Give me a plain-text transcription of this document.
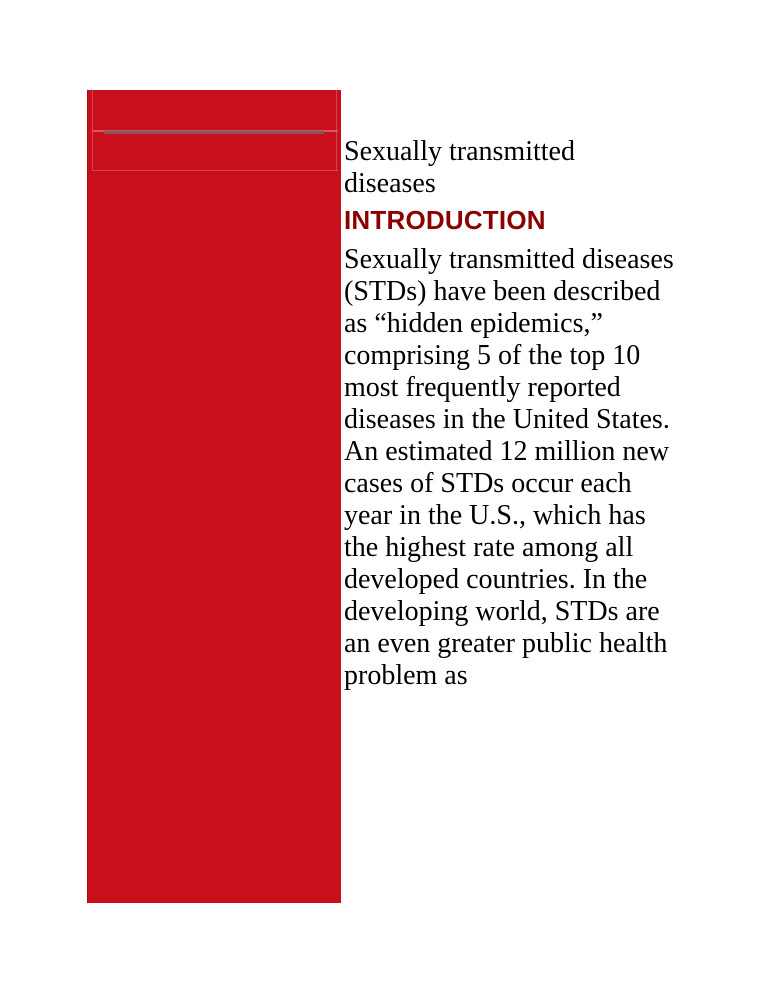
Sexually transmitted diseases

INTRODUCTION

Sexually transmitted diseases (STDs) have been described as “hidden epidemics,” comprising 5 of the top 10 most frequently reported diseases in the United States. An estimated 12 million new cases of STDs occur each year in the U.S., which has the highest rate among all developed countries. In the developing world, STDs are an even greater public health problem as
